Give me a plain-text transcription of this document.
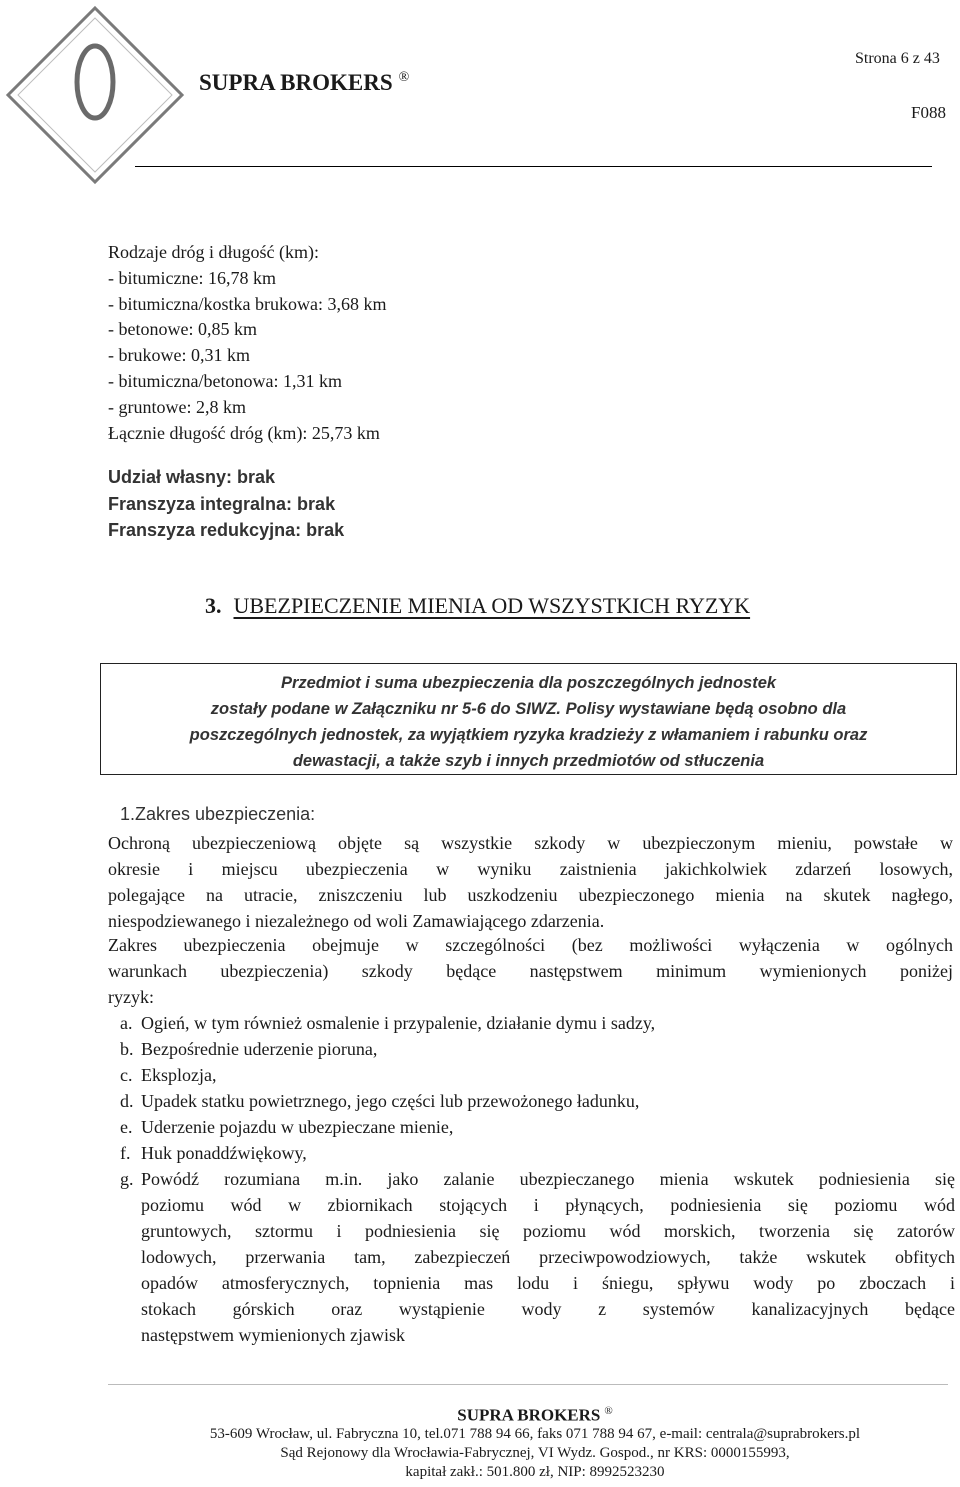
Strona 6 z 43
SUPRA BROKERS ®
F088
Rodzaje dróg i długość (km):
- bitumiczne: 16,78 km
- bitumiczna/kostka brukowa: 3,68 km
- betonowe: 0,85 km
- brukowe: 0,31 km
- bitumiczna/betonowa: 1,31 km
- gruntowe: 2,8 km
Łącznie długość dróg (km): 25,73 km
Udział własny: brak
Franszyza integralna: brak
Franszyza redukcyjna: brak
3. UBEZPIECZENIE MIENIA OD WSZYSTKICH RYZYK

Przedmiot i suma ubezpieczenia dla poszczególnych jednostek

zostały podane w Załączniku nr 5-6 do SIWZ. Polisy wystawiane będą osobno dla

poszczególnych jednostek, za wyjątkiem ryzyka kradzieży z włamaniem i rabunku oraz

dewastacji, a także szyb i innych przedmiotów od stłuczenia

1.Zakres ubezpieczenia:
Ochroną ubezpieczeniową objęte są wszystkie szkody w ubezpieczonym mieniu, powstałe w
okresie i miejscu ubezpieczenia w wyniku zaistnienia jakichkolwiek zdarzeń losowych,
polegające na utracie, zniszczeniu lub uszkodzeniu ubezpieczonego mienia na skutek nagłego,
niespodziewanego i niezależnego od woli Zamawiającego zdarzenia.
Zakres ubezpieczenia obejmuje w szczególności (bez możliwości wyłączenia w ogólnych
warunkach ubezpieczenia) szkody będące następstwem minimum wymienionych poniżej
ryzyk:
a. Ogień, w tym również osmalenie i przypalenie, działanie dymu i sadzy,
b. Bezpośrednie uderzenie pioruna,
c. Eksplozja,
d. Upadek statku powietrznego, jego części lub przewożonego ładunku,
e. Uderzenie pojazdu w ubezpieczane mienie,
f. Huk ponaddźwiękowy,
g. Powódź rozumiana m.in. jako zalanie ubezpieczanego mienia wskutek podniesienia się
poziomu wód w zbiornikach stojących i płynących, podniesienia się poziomu wód
gruntowych, sztormu i podniesienia się poziomu wód morskich, tworzenia się zatorów
lodowych, przerwania tam, zabezpieczeń przeciwpowodziowych, także wskutek obfitych
opadów atmosferycznych, topnienia mas lodu i śniegu, spływu wody po zboczach i
stokach górskich oraz wystąpienie wody z systemów kanalizacyjnych będące
następstwem wymienionych zjawisk
SUPRA BROKERS ®
53-609 Wrocław, ul. Fabryczna 10, tel.071 788 94 66, faks 071 788 94 67, e-mail: centrala@suprabrokers.pl
Sąd Rejonowy dla Wrocławia-Fabrycznej, VI Wydz. Gospod., nr KRS: 0000155993,
kapitał zakł.: 501.800 zł, NIP: 8992523230
